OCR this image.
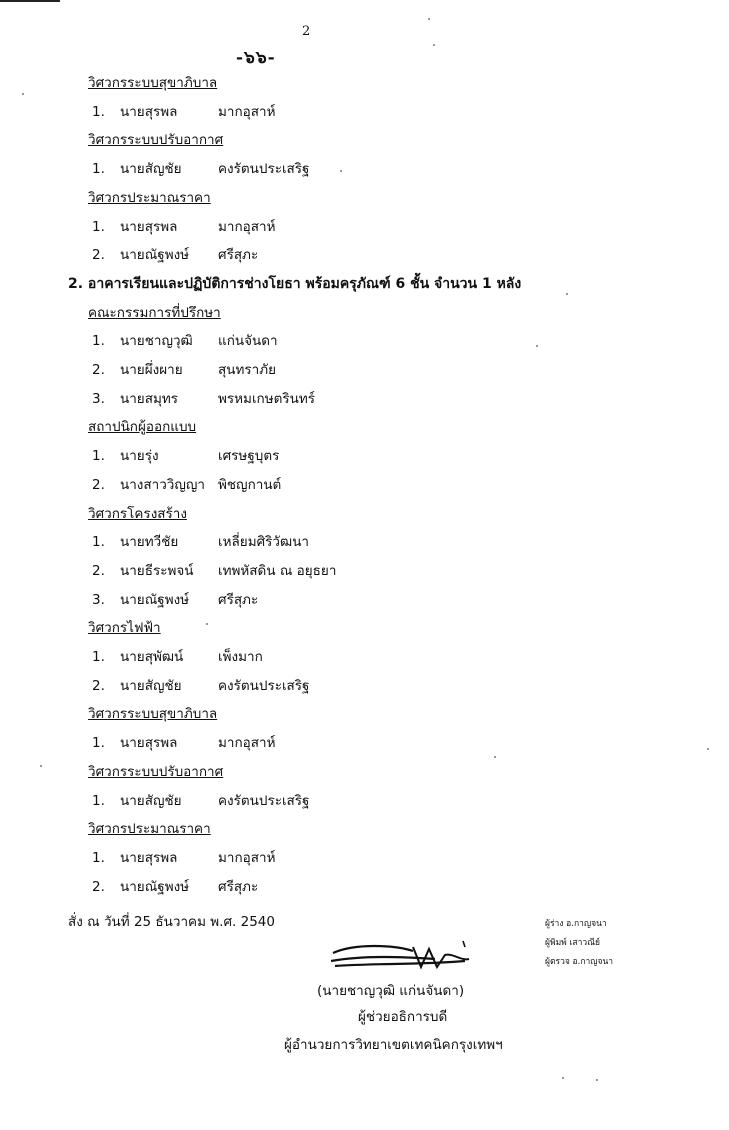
2
-๖๖-
วิศวกรระบบสุขาภิบาล
1.	นายสุรพล	มากอุสาห์
วิศวกรระบบปรับอากาศ
1.	นายสัญชัย	คงรัตนประเสริฐ
วิศวกรประมาณราคา
1.	นายสุรพล	มากอุสาห์
2.	นายณัฐพงษ์ ศรีสุภะ
2. อาคารเรียนและปฏิบัติการช่างโยธา พร้อมครุภัณฑ์ 6 ชั้น จำนวน 1 หลัง
คณะกรรมการที่ปรึกษา
1.	นายชาญวุฒิ แก่นจันดา
2.	นายผึ่งผาย	สุนทราภัย
3.	นายสมุทร	พรหมเกษตรินทร์
สถาปนิกผู้ออกแบบ
1.	นายรุ่ง	เศรษฐบุตร
2.	นางสาววิญญา พิชญกานต์
วิศวกรโครงสร้าง
1.	นายทวีชัย	เหลี่ยมศิริวัฒนา
2.	นายธีระพจน์ เทพหัสดิน ณ อยุธยา
3.	นายณัฐพงษ์ ศรีสุภะ
วิศวกรไฟฟ้า
1.	นายสุพัฒน์	เพ็งมาก
2.	นายสัญชัย	คงรัตนประเสริฐ
วิศวกรระบบสุขาภิบาล
1.	นายสุรพล	มากอุสาห์
วิศวกรระบบปรับอากาศ
1.	นายสัญชัย	คงรัตนประเสริฐ
วิศวกรประมาณราคา
1.	นายสุรพล	มากอุสาห์
2.	นายณัฐพงษ์ ศรีสุภะ
สั่ง ณ วันที่ 25 ธันวาคม พ.ศ. 2540
(นายชาญวุฒิ แก่นจันดา)
ผู้ช่วยอธิการบดี
ผู้อำนวยการวิทยาเขตเทคนิคกรุงเทพฯ
ผู้ร่าง อ.กาญจนา
ผู้พิมพ์ เสาวณีย์
ผู้ตรวจ อ.กาญจนา
